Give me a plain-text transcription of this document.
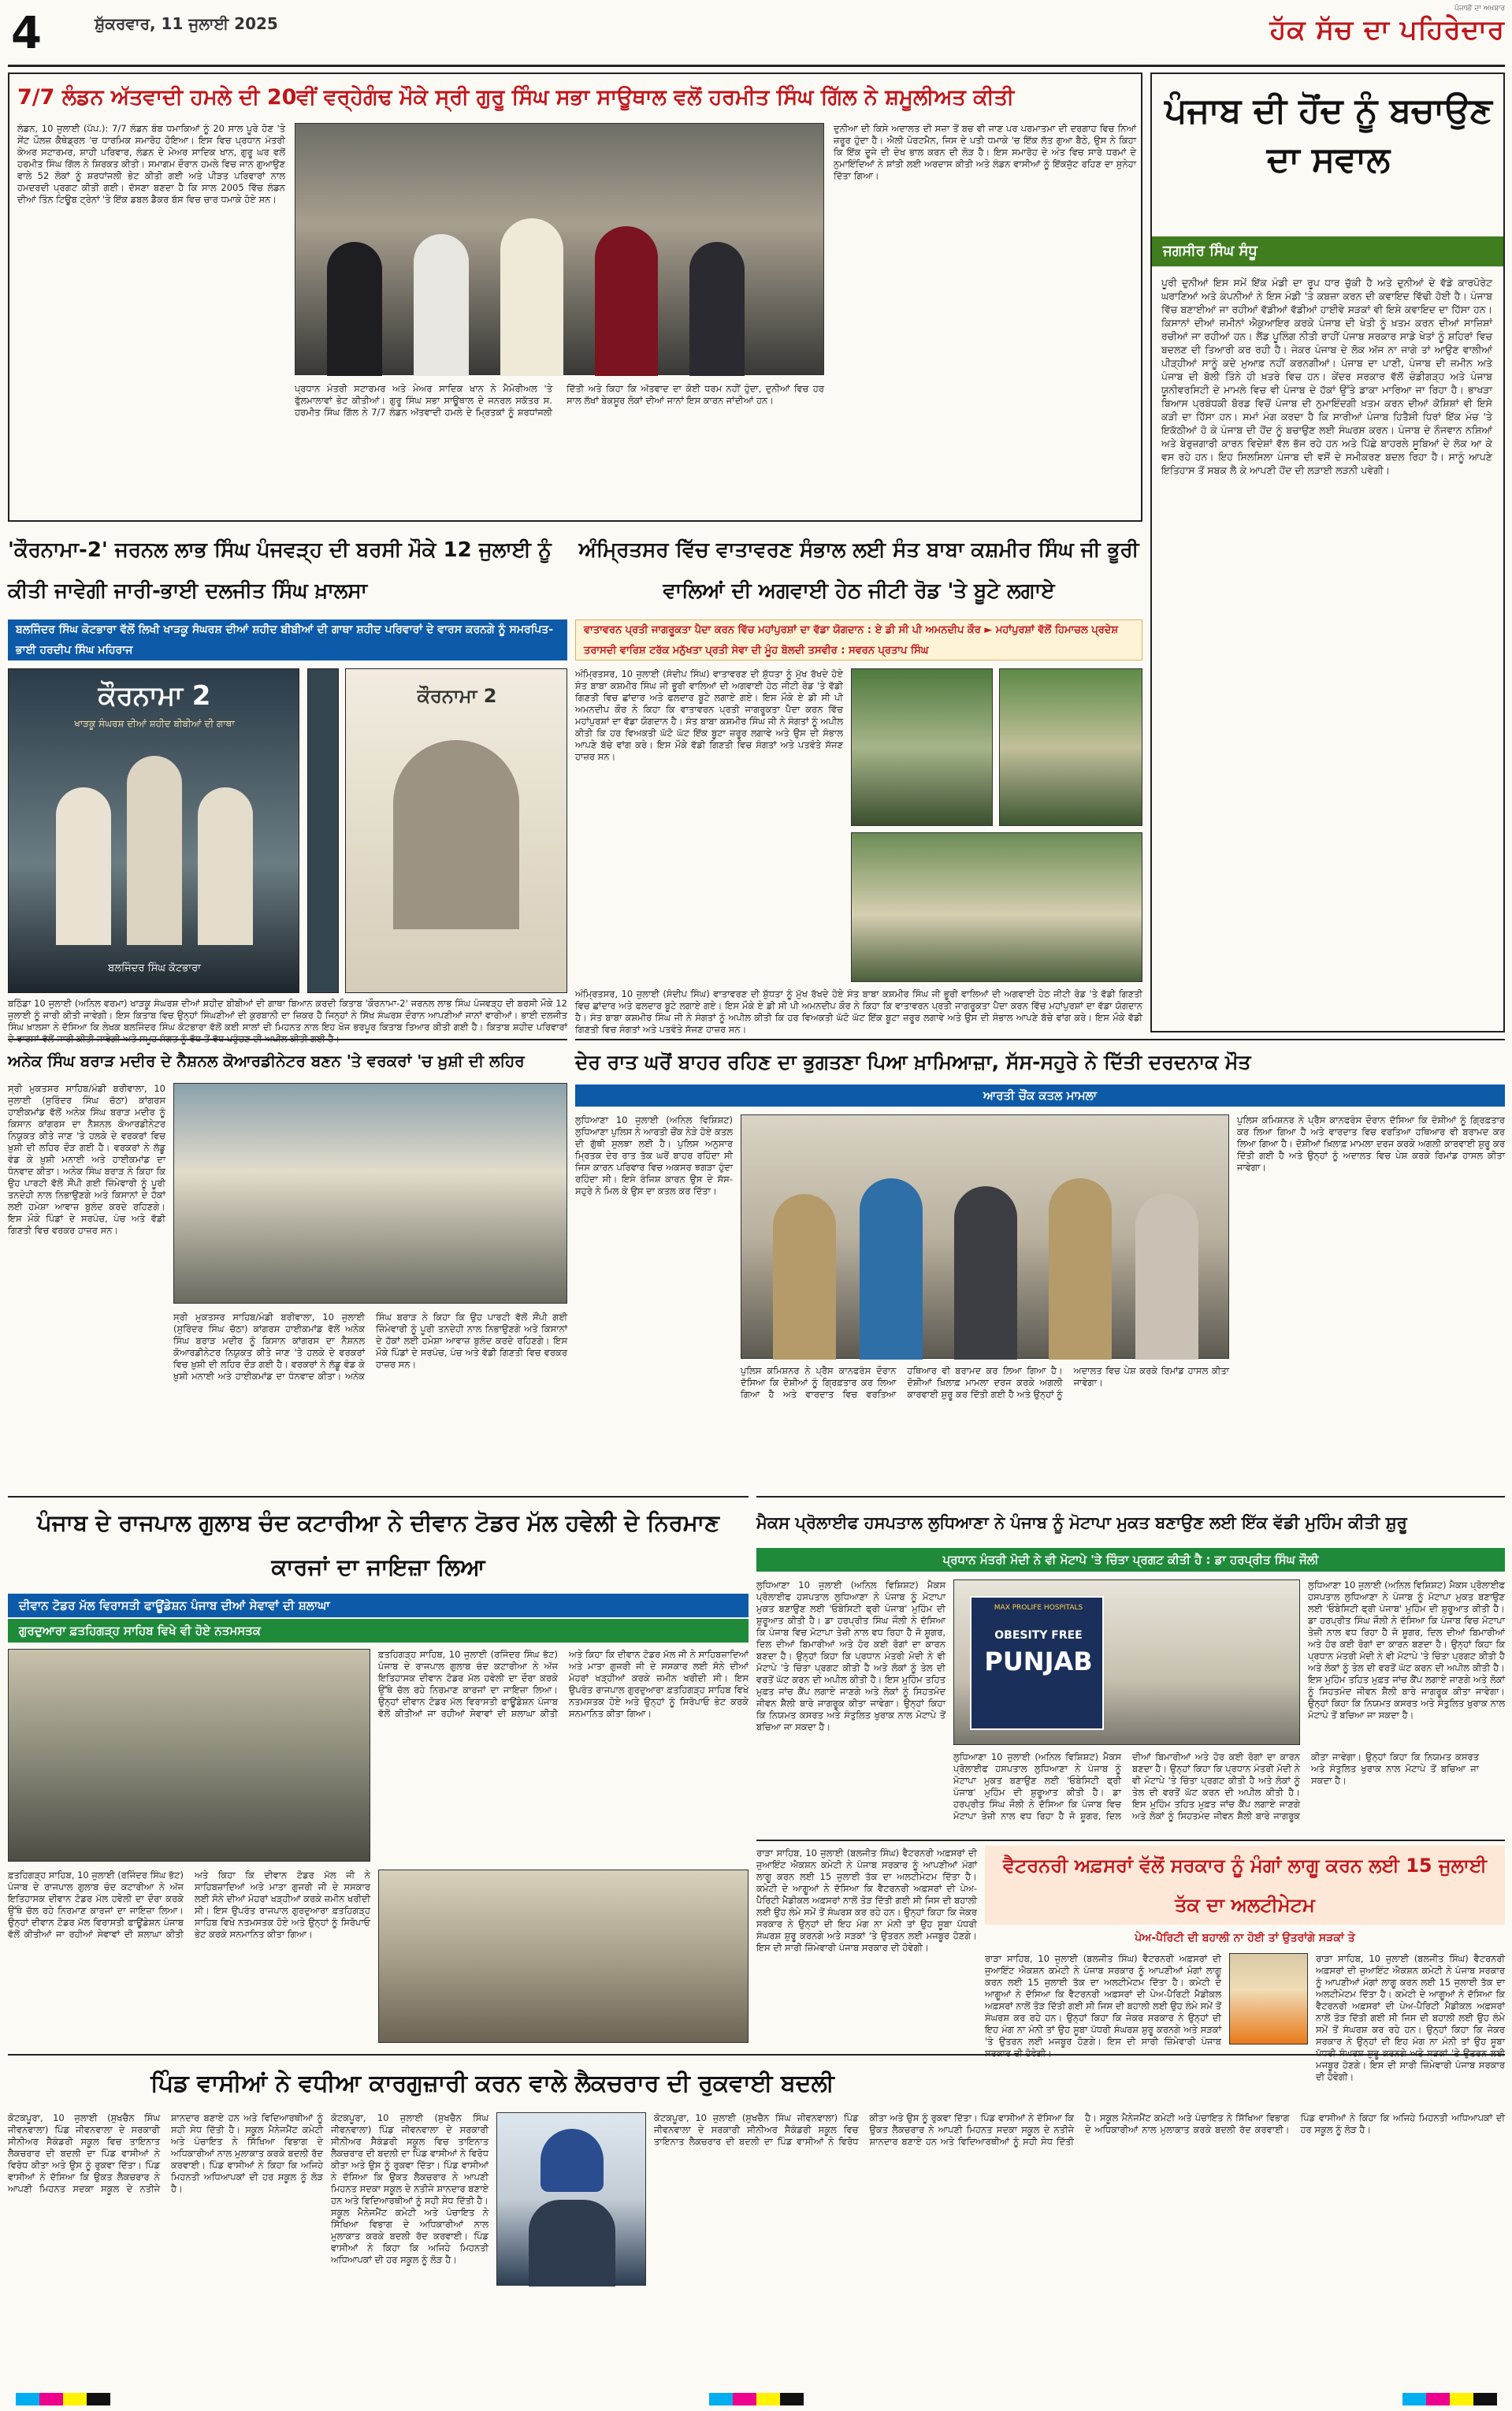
4	ਸ਼ੁੱਕਰਵਾਰ, 11 ਜੁਲਾਈ 2025
ਪੰਜਾਬੀ ਦਾ ਅਖ਼ਬਾਰ
ਹੱਕ ਸੱਚ ਦਾ ਪਹਿਰੇਦਾਰ
7/7 ਲੰਡਨ ਅੱਤਵਾਦੀ ਹਮਲੇ ਦੀ 20ਵੀਂ ਵਰ੍ਹੇਗੰਢ ਮੌਕੇ ਸ੍ਰੀ ਗੁਰੂ ਸਿੰਘ ਸਭਾ ਸਾਊਥਾਲ ਵਲੋਂ ਹਰਮੀਤ ਸਿੰਘ ਗਿੱਲ ਨੇ ਸ਼ਮੂਲੀਅਤ ਕੀਤੀ
ਲੰਡਨ, 10 ਜੁਲਾਈ (ਪੱਪ.): 7/7 ਲੰਡਨ ਬੰਬ ਧਮਾਕਿਆਂ ਨੂੰ 20 ਸਾਲ ਪੂਰੇ ਹੋਣ 'ਤੇ ਸੇਂਟ ਪੌਲਜ਼ ਕੈਥੇਡ੍ਰਲ 'ਚ ਧਾਰਮਿਕ ਸਮਾਰੋਹ ਹੋਇਆ। ਇਸ ਵਿਚ ਪ੍ਰਧਾਨ ਮੰਤਰੀ ਕੇਅਰ ਸਟਾਰਮਰ, ਸ਼ਾਹੀ ਪਰਿਵਾਰ, ਲੰਡਨ ਦੇ ਮੇਅਰ ਸਾਦਿਕ ਖਾਨ, ਗੁਰੂ ਘਰ ਵਲੋਂ ਹਰਮੀਤ ਸਿੰਘ ਗਿੱਲ ਨੇ ਸ਼ਿਰਕਤ ਕੀਤੀ। ਸਮਾਗਮ ਦੌਰਾਨ ਹਮਲੇ ਵਿਚ ਜਾਨ ਗੁਆਉਣ ਵਾਲੇ 52 ਲੋਕਾਂ ਨੂੰ ਸ਼ਰਧਾਂਜਲੀ ਭੇਟ ਕੀਤੀ ਗਈ ਅਤੇ ਪੀੜਤ ਪਰਿਵਾਰਾਂ ਨਾਲ ਹਮਦਰਦੀ ਪ੍ਰਗਟ ਕੀਤੀ ਗਈ। ਦੱਸਣਾ ਬਣਦਾ ਹੈ ਕਿ ਸਾਲ 2005 ਵਿੱਚ ਲੰਡਨ ਦੀਆਂ ਤਿੰਨ ਟਿਊਬ ਟ੍ਰੇਨਾਂ 'ਤੇ ਇੱਕ ਡਬਲ ਡੈਕਰ ਬੱਸ ਵਿਚ ਚਾਰ ਧਮਾਕੇ ਹੋਏ ਸਨ।
ਪ੍ਰਧਾਨ ਮੰਤਰੀ ਸਟਾਰਮਰ ਅਤੇ ਮੇਅਰ ਸਾਦਿਕ ਖਾਨ ਨੇ ਮੈਮੋਰੀਅਲ 'ਤੇ ਫੁੱਲਮਾਲਾਵਾਂ ਭੇਟ ਕੀਤੀਆਂ। ਗੁਰੂ ਸਿੰਘ ਸਭਾ ਸਾਊਥਾਲ ਦੇ ਜਨਰਲ ਸਕੱਤਰ ਸ. ਹਰਮੀਤ ਸਿੰਘ ਗਿੱਲ ਨੇ 7/7 ਲੰਡਨ ਅੱਤਵਾਦੀ ਹਮਲੇ ਦੇ ਮ੍ਰਿਤਕਾਂ ਨੂੰ ਸ਼ਰਧਾਂਜਲੀ ਦਿੱਤੀ ਅਤੇ ਕਿਹਾ ਕਿ ਅੱਤਵਾਦ ਦਾ ਕੋਈ ਧਰਮ ਨਹੀਂ ਹੁੰਦਾ, ਦੁਨੀਆਂ ਵਿਚ ਹਰ ਸਾਲ ਲੱਖਾਂ ਬੇਕਸੂਰ ਲੋਕਾਂ ਦੀਆਂ ਜਾਨਾਂ ਇਸ ਕਾਰਨ ਜਾਂਦੀਆਂ ਹਨ।
ਦੁਨੀਆ ਦੀ ਕਿਸੇ ਅਦਾਲਤ ਦੀ ਸਜ਼ਾ ਤੋਂ ਬਚ ਵੀ ਜਾਣ ਪਰ ਪਰਮਾਤਮਾ ਦੀ ਦਰਗਾਹ ਵਿਚ ਨਿਆਂ ਜ਼ਰੂਰ ਹੁੰਦਾ ਹੈ। ਐਲੀ ਪੋਰਟਮੈਨ, ਜਿਸ ਦੇ ਪਤੀ ਧਮਾਕੇ 'ਚ ਇੱਕ ਲੱਤ ਗੁਆ ਬੈਠੇ, ਉਸ ਨੇ ਕਿਹਾ ਕਿ ਇੱਕ ਦੂਜੇ ਦੀ ਦੇਖ ਭਾਲ ਕਰਨ ਦੀ ਲੋੜ ਹੈ। ਇਸ ਸਮਾਰੋਹ ਦੇ ਅੰਤ ਵਿਚ ਸਾਰੇ ਧਰਮਾਂ ਦੇ ਨੁਮਾਇੰਦਿਆਂ ਨੇ ਸ਼ਾਂਤੀ ਲਈ ਅਰਦਾਸ ਕੀਤੀ ਅਤੇ ਲੰਡਨ ਵਾਸੀਆਂ ਨੂੰ ਇੱਕਜੁੱਟ ਰਹਿਣ ਦਾ ਸੁਨੇਹਾ ਦਿੱਤਾ ਗਿਆ।
ਪੰਜਾਬ ਦੀ ਹੋਂਦ ਨੂੰ ਬਚਾਉਣ ਦਾ ਸਵਾਲ
ਜਗਸੀਰ ਸਿੰਘ ਸੰਧੂ
ਪੂਰੀ ਦੁਨੀਆਂ ਇਸ ਸਮੇਂ ਇੱਕ ਮੰਡੀ ਦਾ ਰੂਪ ਧਾਰ ਚੁੱਕੀ ਹੈ ਅਤੇ ਦੁਨੀਆਂ ਦੇ ਵੱਡੇ ਕਾਰਪੋਰੇਟ ਘਰਾਣਿਆਂ ਅਤੇ ਕੰਪਨੀਆਂ ਨੇ ਇਸ ਮੰਡੀ 'ਤੇ ਕਬਜ਼ਾ ਕਰਨ ਦੀ ਕਵਾਇਦ ਵਿੱਢੀ ਹੋਈ ਹੈ। ਪੰਜਾਬ ਵਿੱਚ ਬਣਾਈਆਂ ਜਾ ਰਹੀਆਂ ਵੱਡੀਆਂ ਵੱਡੀਆਂ ਹਾਈਵੇ ਸੜਕਾਂ ਵੀ ਇਸੇ ਕਵਾਇਦ ਦਾ ਹਿੱਸਾ ਹਨ। ਕਿਸਾਨਾਂ ਦੀਆਂ ਜ਼ਮੀਨਾਂ ਐਕੁਆਇਰ ਕਰਕੇ ਪੰਜਾਬ ਦੀ ਖੇਤੀ ਨੂੰ ਖ਼ਤਮ ਕਰਨ ਦੀਆਂ ਸਾਜ਼ਿਸ਼ਾਂ ਰਚੀਆਂ ਜਾ ਰਹੀਆਂ ਹਨ। ਲੈਂਡ ਪੂਲਿੰਗ ਨੀਤੀ ਰਾਹੀਂ ਪੰਜਾਬ ਸਰਕਾਰ ਸਾਡੇ ਖੇਤਾਂ ਨੂੰ ਸ਼ਹਿਰਾਂ ਵਿਚ ਬਦਲਣ ਦੀ ਤਿਆਰੀ ਕਰ ਰਹੀ ਹੈ। ਜੇਕਰ ਪੰਜਾਬ ਦੇ ਲੋਕ ਅੱਜ ਨਾ ਜਾਗੇ ਤਾਂ ਆਉਣ ਵਾਲੀਆਂ ਪੀੜ੍ਹੀਆਂ ਸਾਨੂੰ ਕਦੇ ਮੁਆਫ਼ ਨਹੀਂ ਕਰਨਗੀਆਂ। ਪੰਜਾਬ ਦਾ ਪਾਣੀ, ਪੰਜਾਬ ਦੀ ਜ਼ਮੀਨ ਅਤੇ ਪੰਜਾਬ ਦੀ ਬੋਲੀ ਤਿੰਨੇ ਹੀ ਖ਼ਤਰੇ ਵਿਚ ਹਨ। ਕੇਂਦਰ ਸਰਕਾਰ ਵੱਲੋਂ ਚੰਡੀਗੜ੍ਹ ਅਤੇ ਪੰਜਾਬ ਯੂਨੀਵਰਸਿਟੀ ਦੇ ਮਾਮਲੇ ਵਿਚ ਵੀ ਪੰਜਾਬ ਦੇ ਹੱਕਾਂ ਉੱਤੇ ਡਾਕਾ ਮਾਰਿਆ ਜਾ ਰਿਹਾ ਹੈ। ਭਾਖੜਾ ਬਿਆਸ ਪ੍ਰਬੰਧਕੀ ਬੋਰਡ ਵਿਚੋਂ ਪੰਜਾਬ ਦੀ ਨੁਮਾਇੰਦਗੀ ਖ਼ਤਮ ਕਰਨ ਦੀਆਂ ਕੋਸ਼ਿਸ਼ਾਂ ਵੀ ਇਸੇ ਕੜੀ ਦਾ ਹਿੱਸਾ ਹਨ। ਸਮਾਂ ਮੰਗ ਕਰਦਾ ਹੈ ਕਿ ਸਾਰੀਆਂ ਪੰਜਾਬ ਹਿਤੈਸ਼ੀ ਧਿਰਾਂ ਇੱਕ ਮੰਚ 'ਤੇ ਇਕੱਠੀਆਂ ਹੋ ਕੇ ਪੰਜਾਬ ਦੀ ਹੋਂਦ ਨੂੰ ਬਚਾਉਣ ਲਈ ਸੰਘਰਸ਼ ਕਰਨ। ਪੰਜਾਬ ਦੇ ਨੌਜਵਾਨ ਨਸ਼ਿਆਂ ਅਤੇ ਬੇਰੁਜ਼ਗਾਰੀ ਕਾਰਨ ਵਿਦੇਸ਼ਾਂ ਵੱਲ ਭੱਜ ਰਹੇ ਹਨ ਅਤੇ ਪਿੱਛੇ ਬਾਹਰਲੇ ਸੂਬਿਆਂ ਦੇ ਲੋਕ ਆ ਕੇ ਵਸ ਰਹੇ ਹਨ। ਇਹ ਸਿਲਸਿਲਾ ਪੰਜਾਬ ਦੀ ਵਸੋਂ ਦੇ ਸਮੀਕਰਣ ਬਦਲ ਰਿਹਾ ਹੈ। ਸਾਨੂੰ ਆਪਣੇ ਇਤਿਹਾਸ ਤੋਂ ਸਬਕ ਲੈ ਕੇ ਆਪਣੀ ਹੋਂਦ ਦੀ ਲੜਾਈ ਲੜਨੀ ਪਵੇਗੀ।
'ਕੌਰਨਾਮਾ-2' ਜਰਨਲ ਲਾਭ ਸਿੰਘ ਪੰਜਵੜ੍ਹ ਦੀ ਬਰਸੀ ਮੌਕੇ 12 ਜੁਲਾਈ ਨੂੰ ਕੀਤੀ ਜਾਵੇਗੀ ਜਾਰੀ-ਭਾਈ ਦਲਜੀਤ ਸਿੰਘ ਖ਼ਾਲਸਾ
ਬਲਜਿੰਦਰ ਸਿੰਘ ਕੋਟਭਾਰਾ ਵੱਲੋਂ ਲਿਖੀ ਖਾੜਕੂ ਸੰਘਰਸ਼ ਦੀਆਂ ਸ਼ਹੀਦ ਬੀਬੀਆਂ ਦੀ ਗਾਥਾ ਸ਼ਹੀਦ ਪਰਿਵਾਰਾਂ ਦੇ ਵਾਰਸ ਕਰਨਗੇ ਨੂੰ ਸਮਰਪਿਤ-ਭਾਈ ਹਰਦੀਪ ਸਿੰਘ ਮਹਿਰਾਜ
ਕੌਰਨਾਮਾ 2
ਖਾੜਕੂ ਸੰਘਰਸ਼ ਦੀਆਂ ਸ਼ਹੀਦ ਬੀਬੀਆਂ ਦੀ ਗਾਥਾ
ਬਲਜਿੰਦਰ ਸਿੰਘ ਕੋਟਭਾਰਾ
ਕੌਰਨਾਮਾ 2
ਬਠਿੰਡਾ 10 ਜੁਲਾਈ (ਅਨਿਲ ਵਰਮਾ) ਖਾੜਕੂ ਸੰਘਰਸ਼ ਦੀਆਂ ਸ਼ਹੀਦ ਬੀਬੀਆਂ ਦੀ ਗਾਥਾ ਬਿਆਨ ਕਰਦੀ ਕਿਤਾਬ 'ਕੌਰਨਾਮਾ-2' ਜਰਨਲ ਲਾਭ ਸਿੰਘ ਪੰਜਵੜ੍ਹ ਦੀ ਬਰਸੀ ਮੌਕੇ 12 ਜੁਲਾਈ ਨੂੰ ਜਾਰੀ ਕੀਤੀ ਜਾਵੇਗੀ। ਇਸ ਕਿਤਾਬ ਵਿਚ ਉਨ੍ਹਾਂ ਸਿੰਘਣੀਆਂ ਦੀ ਕੁਰਬਾਨੀ ਦਾ ਜ਼ਿਕਰ ਹੈ ਜਿਨ੍ਹਾਂ ਨੇ ਸਿੱਖ ਸੰਘਰਸ਼ ਦੌਰਾਨ ਆਪਣੀਆਂ ਜਾਨਾਂ ਵਾਰੀਆਂ। ਭਾਈ ਦਲਜੀਤ ਸਿੰਘ ਖ਼ਾਲਸਾ ਨੇ ਦੱਸਿਆ ਕਿ ਲੇਖਕ ਬਲਜਿੰਦਰ ਸਿੰਘ ਕੋਟਭਾਰਾ ਵੱਲੋਂ ਕਈ ਸਾਲਾਂ ਦੀ ਮਿਹਨਤ ਨਾਲ ਇਹ ਖੋਜ ਭਰਪੂਰ ਕਿਤਾਬ ਤਿਆਰ ਕੀਤੀ ਗਈ ਹੈ। ਕਿਤਾਬ ਸ਼ਹੀਦ ਪਰਿਵਾਰਾਂ ਦੇ ਵਾਰਸਾਂ ਵੱਲੋਂ ਜਾਰੀ ਕੀਤੀ ਜਾਵੇਗੀ ਅਤੇ ਸਮੂਹ ਸੰਗਤ ਨੂੰ ਵੱਧ ਤੋਂ ਵੱਧ ਪਹੁੰਚਣ ਦੀ ਅਪੀਲ ਕੀਤੀ ਗਈ ਹੈ।
ਅੰਮ੍ਰਿਤਸਰ ਵਿੱਚ ਵਾਤਾਵਰਣ ਸੰਭਾਲ ਲਈ ਸੰਤ ਬਾਬਾ ਕਸ਼ਮੀਰ ਸਿੰਘ ਜੀ ਭੂਰੀ ਵਾਲਿਆਂ ਦੀ ਅਗਵਾਈ ਹੇਠ ਜੀਟੀ ਰੋਡ 'ਤੇ ਬੂਟੇ ਲਗਾਏ
ਵਾਤਾਵਰਨ ਪ੍ਰਤੀ ਜਾਗਰੂਕਤਾ ਪੈਦਾ ਕਰਨ ਵਿੱਚ ਮਹਾਂਪੁਰਸ਼ਾਂ ਦਾ ਵੱਡਾ ਯੋਗਦਾਨ : ਏ ਡੀ ਸੀ ਪੀ ਅਮਨਦੀਪ ਕੌਰ ► ਮਹਾਂਪੁਰਸ਼ਾਂ ਵੱਲੋਂ ਹਿਮਾਚਲ ਪ੍ਰਦੇਸ਼ ਤਰਾਸਦੀ ਵਾਰਿਸ਼ ਟਰੱਕ ਮਨੁੱਖਤਾ ਪ੍ਰਤੀ ਸੇਵਾ ਦੀ ਮੂੰਹ ਬੋਲਦੀ ਤਸਵੀਰ : ਸਵਰਨ ਪ੍ਰਤਾਪ ਸਿੰਘ
ਅੰਮ੍ਰਿਤਸਰ, 10 ਜੁਲਾਈ (ਸੰਦੀਪ ਸਿੰਘ) ਵਾਤਾਵਰਣ ਦੀ ਸ਼ੁੱਧਤਾ ਨੂੰ ਮੁੱਖ ਰੱਖਦੇ ਹੋਏ ਸੰਤ ਬਾਬਾ ਕਸ਼ਮੀਰ ਸਿੰਘ ਜੀ ਭੂਰੀ ਵਾਲਿਆਂ ਦੀ ਅਗਵਾਈ ਹੇਠ ਜੀਟੀ ਰੋਡ 'ਤੇ ਵੱਡੀ ਗਿਣਤੀ ਵਿਚ ਛਾਂਦਾਰ ਅਤੇ ਫਲਦਾਰ ਬੂਟੇ ਲਗਾਏ ਗਏ। ਇਸ ਮੌਕੇ ਏ ਡੀ ਸੀ ਪੀ ਅਮਨਦੀਪ ਕੌਰ ਨੇ ਕਿਹਾ ਕਿ ਵਾਤਾਵਰਨ ਪ੍ਰਤੀ ਜਾਗਰੂਕਤਾ ਪੈਦਾ ਕਰਨ ਵਿੱਚ ਮਹਾਂਪੁਰਸ਼ਾਂ ਦਾ ਵੱਡਾ ਯੋਗਦਾਨ ਹੈ। ਸੰਤ ਬਾਬਾ ਕਸ਼ਮੀਰ ਸਿੰਘ ਜੀ ਨੇ ਸੰਗਤਾਂ ਨੂੰ ਅਪੀਲ ਕੀਤੀ ਕਿ ਹਰ ਵਿਅਕਤੀ ਘੱਟੋ ਘੱਟ ਇੱਕ ਬੂਟਾ ਜ਼ਰੂਰ ਲਗਾਵੇ ਅਤੇ ਉਸ ਦੀ ਸੰਭਾਲ ਆਪਣੇ ਬੱਚੇ ਵਾਂਗ ਕਰੇ। ਇਸ ਮੌਕੇ ਵੱਡੀ ਗਿਣਤੀ ਵਿਚ ਸੰਗਤਾਂ ਅਤੇ ਪਤਵੰਤੇ ਸੱਜਣ ਹਾਜ਼ਰ ਸਨ।
ਅੰਮ੍ਰਿਤਸਰ, 10 ਜੁਲਾਈ (ਸੰਦੀਪ ਸਿੰਘ) ਵਾਤਾਵਰਣ ਦੀ ਸ਼ੁੱਧਤਾ ਨੂੰ ਮੁੱਖ ਰੱਖਦੇ ਹੋਏ ਸੰਤ ਬਾਬਾ ਕਸ਼ਮੀਰ ਸਿੰਘ ਜੀ ਭੂਰੀ ਵਾਲਿਆਂ ਦੀ ਅਗਵਾਈ ਹੇਠ ਜੀਟੀ ਰੋਡ 'ਤੇ ਵੱਡੀ ਗਿਣਤੀ ਵਿਚ ਛਾਂਦਾਰ ਅਤੇ ਫਲਦਾਰ ਬੂਟੇ ਲਗਾਏ ਗਏ। ਇਸ ਮੌਕੇ ਏ ਡੀ ਸੀ ਪੀ ਅਮਨਦੀਪ ਕੌਰ ਨੇ ਕਿਹਾ ਕਿ ਵਾਤਾਵਰਨ ਪ੍ਰਤੀ ਜਾਗਰੂਕਤਾ ਪੈਦਾ ਕਰਨ ਵਿੱਚ ਮਹਾਂਪੁਰਸ਼ਾਂ ਦਾ ਵੱਡਾ ਯੋਗਦਾਨ ਹੈ। ਸੰਤ ਬਾਬਾ ਕਸ਼ਮੀਰ ਸਿੰਘ ਜੀ ਨੇ ਸੰਗਤਾਂ ਨੂੰ ਅਪੀਲ ਕੀਤੀ ਕਿ ਹਰ ਵਿਅਕਤੀ ਘੱਟੋ ਘੱਟ ਇੱਕ ਬੂਟਾ ਜ਼ਰੂਰ ਲਗਾਵੇ ਅਤੇ ਉਸ ਦੀ ਸੰਭਾਲ ਆਪਣੇ ਬੱਚੇ ਵਾਂਗ ਕਰੇ। ਇਸ ਮੌਕੇ ਵੱਡੀ ਗਿਣਤੀ ਵਿਚ ਸੰਗਤਾਂ ਅਤੇ ਪਤਵੰਤੇ ਸੱਜਣ ਹਾਜ਼ਰ ਸਨ।
ਅਨੇਕ ਸਿੰਘ ਬਰਾੜ ਮਦੀਰ ਦੇ ਨੈਸ਼ਨਲ ਕੋਆਰਡੀਨੇਟਰ ਬਣਨ 'ਤੇ ਵਰਕਰਾਂ 'ਚ ਖ਼ੁਸ਼ੀ ਦੀ ਲਹਿਰ
ਸ੍ਰੀ ਮੁਕਤਸਰ ਸਾਹਿਬ/ਮੰਡੀ ਬਰੀਵਾਲਾ, 10 ਜੁਲਾਈ (ਸੁਰਿੰਦਰ ਸਿੰਘ ਚੱਠਾ) ਕਾਂਗਰਸ ਹਾਈਕਮਾਂਡ ਵੱਲੋਂ ਅਨੇਕ ਸਿੰਘ ਬਰਾੜ ਮਦੀਰ ਨੂੰ ਕਿਸਾਨ ਕਾਂਗਰਸ ਦਾ ਨੈਸ਼ਨਲ ਕੋਆਰਡੀਨੇਟਰ ਨਿਯੁਕਤ ਕੀਤੇ ਜਾਣ 'ਤੇ ਹਲਕੇ ਦੇ ਵਰਕਰਾਂ ਵਿਚ ਖ਼ੁਸ਼ੀ ਦੀ ਲਹਿਰ ਦੌੜ ਗਈ ਹੈ। ਵਰਕਰਾਂ ਨੇ ਲੱਡੂ ਵੰਡ ਕੇ ਖ਼ੁਸ਼ੀ ਮਨਾਈ ਅਤੇ ਹਾਈਕਮਾਂਡ ਦਾ ਧੰਨਵਾਦ ਕੀਤਾ। ਅਨੇਕ ਸਿੰਘ ਬਰਾੜ ਨੇ ਕਿਹਾ ਕਿ ਉਹ ਪਾਰਟੀ ਵੱਲੋਂ ਸੌਂਪੀ ਗਈ ਜ਼ਿੰਮੇਵਾਰੀ ਨੂੰ ਪੂਰੀ ਤਨਦੇਹੀ ਨਾਲ ਨਿਭਾਉਣਗੇ ਅਤੇ ਕਿਸਾਨਾਂ ਦੇ ਹੱਕਾਂ ਲਈ ਹਮੇਸ਼ਾ ਆਵਾਜ਼ ਬੁਲੰਦ ਕਰਦੇ ਰਹਿਣਗੇ। ਇਸ ਮੌਕੇ ਪਿੰਡਾਂ ਦੇ ਸਰਪੰਚ, ਪੰਚ ਅਤੇ ਵੱਡੀ ਗਿਣਤੀ ਵਿਚ ਵਰਕਰ ਹਾਜ਼ਰ ਸਨ।
ਸ੍ਰੀ ਮੁਕਤਸਰ ਸਾਹਿਬ/ਮੰਡੀ ਬਰੀਵਾਲਾ, 10 ਜੁਲਾਈ (ਸੁਰਿੰਦਰ ਸਿੰਘ ਚੱਠਾ) ਕਾਂਗਰਸ ਹਾਈਕਮਾਂਡ ਵੱਲੋਂ ਅਨੇਕ ਸਿੰਘ ਬਰਾੜ ਮਦੀਰ ਨੂੰ ਕਿਸਾਨ ਕਾਂਗਰਸ ਦਾ ਨੈਸ਼ਨਲ ਕੋਆਰਡੀਨੇਟਰ ਨਿਯੁਕਤ ਕੀਤੇ ਜਾਣ 'ਤੇ ਹਲਕੇ ਦੇ ਵਰਕਰਾਂ ਵਿਚ ਖ਼ੁਸ਼ੀ ਦੀ ਲਹਿਰ ਦੌੜ ਗਈ ਹੈ। ਵਰਕਰਾਂ ਨੇ ਲੱਡੂ ਵੰਡ ਕੇ ਖ਼ੁਸ਼ੀ ਮਨਾਈ ਅਤੇ ਹਾਈਕਮਾਂਡ ਦਾ ਧੰਨਵਾਦ ਕੀਤਾ। ਅਨੇਕ ਸਿੰਘ ਬਰਾੜ ਨੇ ਕਿਹਾ ਕਿ ਉਹ ਪਾਰਟੀ ਵੱਲੋਂ ਸੌਂਪੀ ਗਈ ਜ਼ਿੰਮੇਵਾਰੀ ਨੂੰ ਪੂਰੀ ਤਨਦੇਹੀ ਨਾਲ ਨਿਭਾਉਣਗੇ ਅਤੇ ਕਿਸਾਨਾਂ ਦੇ ਹੱਕਾਂ ਲਈ ਹਮੇਸ਼ਾ ਆਵਾਜ਼ ਬੁਲੰਦ ਕਰਦੇ ਰਹਿਣਗੇ। ਇਸ ਮੌਕੇ ਪਿੰਡਾਂ ਦੇ ਸਰਪੰਚ, ਪੰਚ ਅਤੇ ਵੱਡੀ ਗਿਣਤੀ ਵਿਚ ਵਰਕਰ ਹਾਜ਼ਰ ਸਨ।
ਦੇਰ ਰਾਤ ਘਰੋਂ ਬਾਹਰ ਰਹਿਣ ਦਾ ਭੁਗਤਣਾ ਪਿਆ ਖ਼ਾਮਿਆਜ਼ਾ, ਸੱਸ-ਸਹੁਰੇ ਨੇ ਦਿੱਤੀ ਦਰਦਨਾਕ ਮੌਤ
ਆਰਤੀ ਚੌਂਕ ਕਤਲ ਮਾਮਲਾ
ਲੁਧਿਆਣਾ 10 ਜੁਲਾਈ (ਅਨਿਲ ਵਿਸ਼ਿਸ਼ਟ) ਲੁਧਿਆਣਾ ਪੁਲਿਸ ਨੇ ਆਰਤੀ ਚੌਂਕ ਨੇੜੇ ਹੋਏ ਕਤਲ ਦੀ ਗੁੱਥੀ ਸੁਲਝਾ ਲਈ ਹੈ। ਪੁਲਿਸ ਅਨੁਸਾਰ ਮ੍ਰਿਤਕ ਦੇਰ ਰਾਤ ਤੱਕ ਘਰੋਂ ਬਾਹਰ ਰਹਿੰਦਾ ਸੀ ਜਿਸ ਕਾਰਨ ਪਰਿਵਾਰ ਵਿਚ ਅਕਸਰ ਝਗੜਾ ਹੁੰਦਾ ਰਹਿੰਦਾ ਸੀ। ਇਸੇ ਰੰਜਿਸ਼ ਕਾਰਨ ਉਸ ਦੇ ਸੱਸ-ਸਹੁਰੇ ਨੇ ਮਿਲ ਕੇ ਉਸ ਦਾ ਕਤਲ ਕਰ ਦਿੱਤਾ।
ਪੁਲਿਸ ਕਮਿਸ਼ਨਰ ਨੇ ਪ੍ਰੈਸ ਕਾਨਫਰੰਸ ਦੌਰਾਨ ਦੱਸਿਆ ਕਿ ਦੋਸ਼ੀਆਂ ਨੂੰ ਗ੍ਰਿਫ਼ਤਾਰ ਕਰ ਲਿਆ ਗਿਆ ਹੈ ਅਤੇ ਵਾਰਦਾਤ ਵਿਚ ਵਰਤਿਆ ਹਥਿਆਰ ਵੀ ਬਰਾਮਦ ਕਰ ਲਿਆ ਗਿਆ ਹੈ। ਦੋਸ਼ੀਆਂ ਖ਼ਿਲਾਫ਼ ਮਾਮਲਾ ਦਰਜ ਕਰਕੇ ਅਗਲੀ ਕਾਰਵਾਈ ਸ਼ੁਰੂ ਕਰ ਦਿੱਤੀ ਗਈ ਹੈ ਅਤੇ ਉਨ੍ਹਾਂ ਨੂੰ ਅਦਾਲਤ ਵਿਚ ਪੇਸ਼ ਕਰਕੇ ਰਿਮਾਂਡ ਹਾਸਲ ਕੀਤਾ ਜਾਵੇਗਾ।
ਪੁਲਿਸ ਕਮਿਸ਼ਨਰ ਨੇ ਪ੍ਰੈਸ ਕਾਨਫਰੰਸ ਦੌਰਾਨ ਦੱਸਿਆ ਕਿ ਦੋਸ਼ੀਆਂ ਨੂੰ ਗ੍ਰਿਫ਼ਤਾਰ ਕਰ ਲਿਆ ਗਿਆ ਹੈ ਅਤੇ ਵਾਰਦਾਤ ਵਿਚ ਵਰਤਿਆ ਹਥਿਆਰ ਵੀ ਬਰਾਮਦ ਕਰ ਲਿਆ ਗਿਆ ਹੈ। ਦੋਸ਼ੀਆਂ ਖ਼ਿਲਾਫ਼ ਮਾਮਲਾ ਦਰਜ ਕਰਕੇ ਅਗਲੀ ਕਾਰਵਾਈ ਸ਼ੁਰੂ ਕਰ ਦਿੱਤੀ ਗਈ ਹੈ ਅਤੇ ਉਨ੍ਹਾਂ ਨੂੰ ਅਦਾਲਤ ਵਿਚ ਪੇਸ਼ ਕਰਕੇ ਰਿਮਾਂਡ ਹਾਸਲ ਕੀਤਾ ਜਾਵੇਗਾ।
ਪੰਜਾਬ ਦੇ ਰਾਜਪਾਲ ਗੁਲਾਬ ਚੰਦ ਕਟਾਰੀਆ ਨੇ ਦੀਵਾਨ ਟੋਡਰ ਮੱਲ ਹਵੇਲੀ ਦੇ ਨਿਰਮਾਣ ਕਾਰਜਾਂ ਦਾ ਜਾਇਜ਼ਾ ਲਿਆ
ਦੀਵਾਨ ਟੋਡਰ ਮੱਲ ਵਿਰਾਸਤੀ ਫਾਊਂਡੇਸ਼ਨ ਪੰਜਾਬ ਦੀਆਂ ਸੇਵਾਵਾਂ ਦੀ ਸ਼ਲਾਘਾ
ਗੁਰਦੁਆਰਾ ਫ਼ਤਹਿਗੜ੍ਹ ਸਾਹਿਬ ਵਿਖੇ ਵੀ ਹੋਏ ਨਤਮਸਤਕ
ਫ਼ਤਹਿਗੜ੍ਹ ਸਾਹਿਬ, 10 ਜੁਲਾਈ (ਰਜਿੰਦਰ ਸਿੰਘ ਭੱਟ) ਪੰਜਾਬ ਦੇ ਰਾਜਪਾਲ ਗੁਲਾਬ ਚੰਦ ਕਟਾਰੀਆ ਨੇ ਅੱਜ ਇਤਿਹਾਸਕ ਦੀਵਾਨ ਟੋਡਰ ਮੱਲ ਹਵੇਲੀ ਦਾ ਦੌਰਾ ਕਰਕੇ ਉੱਥੇ ਚੱਲ ਰਹੇ ਨਿਰਮਾਣ ਕਾਰਜਾਂ ਦਾ ਜਾਇਜ਼ਾ ਲਿਆ। ਉਨ੍ਹਾਂ ਦੀਵਾਨ ਟੋਡਰ ਮੱਲ ਵਿਰਾਸਤੀ ਫਾਊਂਡੇਸ਼ਨ ਪੰਜਾਬ ਵੱਲੋਂ ਕੀਤੀਆਂ ਜਾ ਰਹੀਆਂ ਸੇਵਾਵਾਂ ਦੀ ਸ਼ਲਾਘਾ ਕੀਤੀ ਅਤੇ ਕਿਹਾ ਕਿ ਦੀਵਾਨ ਟੋਡਰ ਮੱਲ ਜੀ ਨੇ ਸਾਹਿਬਜ਼ਾਦਿਆਂ ਅਤੇ ਮਾਤਾ ਗੁਜਰੀ ਜੀ ਦੇ ਸਸਕਾਰ ਲਈ ਸੋਨੇ ਦੀਆਂ ਮੋਹਰਾਂ ਖੜ੍ਹੀਆਂ ਕਰਕੇ ਜ਼ਮੀਨ ਖਰੀਦੀ ਸੀ। ਇਸ ਉਪਰੰਤ ਰਾਜਪਾਲ ਗੁਰਦੁਆਰਾ ਫ਼ਤਹਿਗੜ੍ਹ ਸਾਹਿਬ ਵਿਖੇ ਨਤਮਸਤਕ ਹੋਏ ਅਤੇ ਉਨ੍ਹਾਂ ਨੂੰ ਸਿਰੋਪਾਓ ਭੇਟ ਕਰਕੇ ਸਨਮਾਨਿਤ ਕੀਤਾ ਗਿਆ।
ਫ਼ਤਹਿਗੜ੍ਹ ਸਾਹਿਬ, 10 ਜੁਲਾਈ (ਰਜਿੰਦਰ ਸਿੰਘ ਭੱਟ) ਪੰਜਾਬ ਦੇ ਰਾਜਪਾਲ ਗੁਲਾਬ ਚੰਦ ਕਟਾਰੀਆ ਨੇ ਅੱਜ ਇਤਿਹਾਸਕ ਦੀਵਾਨ ਟੋਡਰ ਮੱਲ ਹਵੇਲੀ ਦਾ ਦੌਰਾ ਕਰਕੇ ਉੱਥੇ ਚੱਲ ਰਹੇ ਨਿਰਮਾਣ ਕਾਰਜਾਂ ਦਾ ਜਾਇਜ਼ਾ ਲਿਆ। ਉਨ੍ਹਾਂ ਦੀਵਾਨ ਟੋਡਰ ਮੱਲ ਵਿਰਾਸਤੀ ਫਾਊਂਡੇਸ਼ਨ ਪੰਜਾਬ ਵੱਲੋਂ ਕੀਤੀਆਂ ਜਾ ਰਹੀਆਂ ਸੇਵਾਵਾਂ ਦੀ ਸ਼ਲਾਘਾ ਕੀਤੀ ਅਤੇ ਕਿਹਾ ਕਿ ਦੀਵਾਨ ਟੋਡਰ ਮੱਲ ਜੀ ਨੇ ਸਾਹਿਬਜ਼ਾਦਿਆਂ ਅਤੇ ਮਾਤਾ ਗੁਜਰੀ ਜੀ ਦੇ ਸਸਕਾਰ ਲਈ ਸੋਨੇ ਦੀਆਂ ਮੋਹਰਾਂ ਖੜ੍ਹੀਆਂ ਕਰਕੇ ਜ਼ਮੀਨ ਖਰੀਦੀ ਸੀ। ਇਸ ਉਪਰੰਤ ਰਾਜਪਾਲ ਗੁਰਦੁਆਰਾ ਫ਼ਤਹਿਗੜ੍ਹ ਸਾਹਿਬ ਵਿਖੇ ਨਤਮਸਤਕ ਹੋਏ ਅਤੇ ਉਨ੍ਹਾਂ ਨੂੰ ਸਿਰੋਪਾਓ ਭੇਟ ਕਰਕੇ ਸਨਮਾਨਿਤ ਕੀਤਾ ਗਿਆ।
ਮੈਕਸ ਪ੍ਰੋਲਾਈਫ ਹਸਪਤਾਲ ਲੁਧਿਆਣਾ ਨੇ ਪੰਜਾਬ ਨੂੰ ਮੋਟਾਪਾ ਮੁਕਤ ਬਣਾਉਣ ਲਈ ਇੱਕ ਵੱਡੀ ਮੁਹਿੰਮ ਕੀਤੀ ਸ਼ੁਰੂ
ਪ੍ਰਧਾਨ ਮੰਤਰੀ ਮੋਦੀ ਨੇ ਵੀ ਮੋਟਾਪੇ 'ਤੇ ਚਿੰਤਾ ਪ੍ਰਗਟ ਕੀਤੀ ਹੈ : ਡਾ ਹਰਪ੍ਰੀਤ ਸਿੰਘ ਜੌਲੀ
ਲੁਧਿਆਣਾ 10 ਜੁਲਾਈ (ਅਨਿਲ ਵਿਸ਼ਿਸ਼ਟ) ਮੈਕਸ ਪ੍ਰੋਲਾਈਫ ਹਸਪਤਾਲ ਲੁਧਿਆਣਾ ਨੇ ਪੰਜਾਬ ਨੂੰ ਮੋਟਾਪਾ ਮੁਕਤ ਬਣਾਉਣ ਲਈ 'ਓਬੇਸਿਟੀ ਫ੍ਰੀ ਪੰਜਾਬ' ਮੁਹਿੰਮ ਦੀ ਸ਼ੁਰੂਆਤ ਕੀਤੀ ਹੈ। ਡਾ ਹਰਪ੍ਰੀਤ ਸਿੰਘ ਜੌਲੀ ਨੇ ਦੱਸਿਆ ਕਿ ਪੰਜਾਬ ਵਿਚ ਮੋਟਾਪਾ ਤੇਜ਼ੀ ਨਾਲ ਵਧ ਰਿਹਾ ਹੈ ਜੋ ਸ਼ੂਗਰ, ਦਿਲ ਦੀਆਂ ਬਿਮਾਰੀਆਂ ਅਤੇ ਹੋਰ ਕਈ ਰੋਗਾਂ ਦਾ ਕਾਰਨ ਬਣਦਾ ਹੈ। ਉਨ੍ਹਾਂ ਕਿਹਾ ਕਿ ਪ੍ਰਧਾਨ ਮੰਤਰੀ ਮੋਦੀ ਨੇ ਵੀ ਮੋਟਾਪੇ 'ਤੇ ਚਿੰਤਾ ਪ੍ਰਗਟ ਕੀਤੀ ਹੈ ਅਤੇ ਲੋਕਾਂ ਨੂੰ ਤੇਲ ਦੀ ਵਰਤੋਂ ਘੱਟ ਕਰਨ ਦੀ ਅਪੀਲ ਕੀਤੀ ਹੈ। ਇਸ ਮੁਹਿੰਮ ਤਹਿਤ ਮੁਫ਼ਤ ਜਾਂਚ ਕੈਂਪ ਲਗਾਏ ਜਾਣਗੇ ਅਤੇ ਲੋਕਾਂ ਨੂੰ ਸਿਹਤਮੰਦ ਜੀਵਨ ਸ਼ੈਲੀ ਬਾਰੇ ਜਾਗਰੂਕ ਕੀਤਾ ਜਾਵੇਗਾ। ਉਨ੍ਹਾਂ ਕਿਹਾ ਕਿ ਨਿਯਮਤ ਕਸਰਤ ਅਤੇ ਸੰਤੁਲਿਤ ਖੁਰਾਕ ਨਾਲ ਮੋਟਾਪੇ ਤੋਂ ਬਚਿਆ ਜਾ ਸਕਦਾ ਹੈ।
MAX PROLIFE HOSPITALS
OBESITY FREE
PUNJAB
ਲੁਧਿਆਣਾ 10 ਜੁਲਾਈ (ਅਨਿਲ ਵਿਸ਼ਿਸ਼ਟ) ਮੈਕਸ ਪ੍ਰੋਲਾਈਫ ਹਸਪਤਾਲ ਲੁਧਿਆਣਾ ਨੇ ਪੰਜਾਬ ਨੂੰ ਮੋਟਾਪਾ ਮੁਕਤ ਬਣਾਉਣ ਲਈ 'ਓਬੇਸਿਟੀ ਫ੍ਰੀ ਪੰਜਾਬ' ਮੁਹਿੰਮ ਦੀ ਸ਼ੁਰੂਆਤ ਕੀਤੀ ਹੈ। ਡਾ ਹਰਪ੍ਰੀਤ ਸਿੰਘ ਜੌਲੀ ਨੇ ਦੱਸਿਆ ਕਿ ਪੰਜਾਬ ਵਿਚ ਮੋਟਾਪਾ ਤੇਜ਼ੀ ਨਾਲ ਵਧ ਰਿਹਾ ਹੈ ਜੋ ਸ਼ੂਗਰ, ਦਿਲ ਦੀਆਂ ਬਿਮਾਰੀਆਂ ਅਤੇ ਹੋਰ ਕਈ ਰੋਗਾਂ ਦਾ ਕਾਰਨ ਬਣਦਾ ਹੈ। ਉਨ੍ਹਾਂ ਕਿਹਾ ਕਿ ਪ੍ਰਧਾਨ ਮੰਤਰੀ ਮੋਦੀ ਨੇ ਵੀ ਮੋਟਾਪੇ 'ਤੇ ਚਿੰਤਾ ਪ੍ਰਗਟ ਕੀਤੀ ਹੈ ਅਤੇ ਲੋਕਾਂ ਨੂੰ ਤੇਲ ਦੀ ਵਰਤੋਂ ਘੱਟ ਕਰਨ ਦੀ ਅਪੀਲ ਕੀਤੀ ਹੈ। ਇਸ ਮੁਹਿੰਮ ਤਹਿਤ ਮੁਫ਼ਤ ਜਾਂਚ ਕੈਂਪ ਲਗਾਏ ਜਾਣਗੇ ਅਤੇ ਲੋਕਾਂ ਨੂੰ ਸਿਹਤਮੰਦ ਜੀਵਨ ਸ਼ੈਲੀ ਬਾਰੇ ਜਾਗਰੂਕ ਕੀਤਾ ਜਾਵੇਗਾ। ਉਨ੍ਹਾਂ ਕਿਹਾ ਕਿ ਨਿਯਮਤ ਕਸਰਤ ਅਤੇ ਸੰਤੁਲਿਤ ਖੁਰਾਕ ਨਾਲ ਮੋਟਾਪੇ ਤੋਂ ਬਚਿਆ ਜਾ ਸਕਦਾ ਹੈ।
ਲੁਧਿਆਣਾ 10 ਜੁਲਾਈ (ਅਨਿਲ ਵਿਸ਼ਿਸ਼ਟ) ਮੈਕਸ ਪ੍ਰੋਲਾਈਫ ਹਸਪਤਾਲ ਲੁਧਿਆਣਾ ਨੇ ਪੰਜਾਬ ਨੂੰ ਮੋਟਾਪਾ ਮੁਕਤ ਬਣਾਉਣ ਲਈ 'ਓਬੇਸਿਟੀ ਫ੍ਰੀ ਪੰਜਾਬ' ਮੁਹਿੰਮ ਦੀ ਸ਼ੁਰੂਆਤ ਕੀਤੀ ਹੈ। ਡਾ ਹਰਪ੍ਰੀਤ ਸਿੰਘ ਜੌਲੀ ਨੇ ਦੱਸਿਆ ਕਿ ਪੰਜਾਬ ਵਿਚ ਮੋਟਾਪਾ ਤੇਜ਼ੀ ਨਾਲ ਵਧ ਰਿਹਾ ਹੈ ਜੋ ਸ਼ੂਗਰ, ਦਿਲ ਦੀਆਂ ਬਿਮਾਰੀਆਂ ਅਤੇ ਹੋਰ ਕਈ ਰੋਗਾਂ ਦਾ ਕਾਰਨ ਬਣਦਾ ਹੈ। ਉਨ੍ਹਾਂ ਕਿਹਾ ਕਿ ਪ੍ਰਧਾਨ ਮੰਤਰੀ ਮੋਦੀ ਨੇ ਵੀ ਮੋਟਾਪੇ 'ਤੇ ਚਿੰਤਾ ਪ੍ਰਗਟ ਕੀਤੀ ਹੈ ਅਤੇ ਲੋਕਾਂ ਨੂੰ ਤੇਲ ਦੀ ਵਰਤੋਂ ਘੱਟ ਕਰਨ ਦੀ ਅਪੀਲ ਕੀਤੀ ਹੈ। ਇਸ ਮੁਹਿੰਮ ਤਹਿਤ ਮੁਫ਼ਤ ਜਾਂਚ ਕੈਂਪ ਲਗਾਏ ਜਾਣਗੇ ਅਤੇ ਲੋਕਾਂ ਨੂੰ ਸਿਹਤਮੰਦ ਜੀਵਨ ਸ਼ੈਲੀ ਬਾਰੇ ਜਾਗਰੂਕ ਕੀਤਾ ਜਾਵੇਗਾ। ਉਨ੍ਹਾਂ ਕਿਹਾ ਕਿ ਨਿਯਮਤ ਕਸਰਤ ਅਤੇ ਸੰਤੁਲਿਤ ਖੁਰਾਕ ਨਾਲ ਮੋਟਾਪੇ ਤੋਂ ਬਚਿਆ ਜਾ ਸਕਦਾ ਹੈ।
ਵੈਟਰਨਰੀ ਅਫ਼ਸਰਾਂ ਵੱਲੋਂ ਸਰਕਾਰ ਨੂੰ ਮੰਗਾਂ ਲਾਗੂ ਕਰਨ ਲਈ 15 ਜੁਲਾਈ ਤੱਕ ਦਾ ਅਲਟੀਮੇਟਮ
ਪੇਅ-ਪੈਰਿਟੀ ਦੀ ਬਹਾਲੀ ਨਾ ਹੋਈ ਤਾਂ ਉਤਰਾਂਗੇ ਸੜਕਾਂ ਤੇ
ਰਾੜਾ ਸਾਹਿਬ, 10 ਜੁਲਾਈ (ਬਲਜੀਤ ਸਿੰਘ) ਵੈਟਰਨਰੀ ਅਫ਼ਸਰਾਂ ਦੀ ਜੁਆਇੰਟ ਐਕਸ਼ਨ ਕਮੇਟੀ ਨੇ ਪੰਜਾਬ ਸਰਕਾਰ ਨੂੰ ਆਪਣੀਆਂ ਮੰਗਾਂ ਲਾਗੂ ਕਰਨ ਲਈ 15 ਜੁਲਾਈ ਤੱਕ ਦਾ ਅਲਟੀਮੇਟਮ ਦਿੱਤਾ ਹੈ। ਕਮੇਟੀ ਦੇ ਆਗੂਆਂ ਨੇ ਦੱਸਿਆ ਕਿ ਵੈਟਰਨਰੀ ਅਫ਼ਸਰਾਂ ਦੀ ਪੇਅ-ਪੈਰਿਟੀ ਮੈਡੀਕਲ ਅਫ਼ਸਰਾਂ ਨਾਲੋਂ ਤੋੜ ਦਿੱਤੀ ਗਈ ਸੀ ਜਿਸ ਦੀ ਬਹਾਲੀ ਲਈ ਉਹ ਲੰਮੇ ਸਮੇਂ ਤੋਂ ਸੰਘਰਸ਼ ਕਰ ਰਹੇ ਹਨ। ਉਨ੍ਹਾਂ ਕਿਹਾ ਕਿ ਜੇਕਰ ਸਰਕਾਰ ਨੇ ਉਨ੍ਹਾਂ ਦੀ ਇਹ ਮੰਗ ਨਾ ਮੰਨੀ ਤਾਂ ਉਹ ਸੂਬਾ ਪੱਧਰੀ ਸੰਘਰਸ਼ ਸ਼ੁਰੂ ਕਰਨਗੇ ਅਤੇ ਸੜਕਾਂ 'ਤੇ ਉਤਰਨ ਲਈ ਮਜਬੂਰ ਹੋਣਗੇ। ਇਸ ਦੀ ਸਾਰੀ ਜ਼ਿੰਮੇਵਾਰੀ ਪੰਜਾਬ ਸਰਕਾਰ ਦੀ ਹੋਵੇਗੀ।
ਰਾੜਾ ਸਾਹਿਬ, 10 ਜੁਲਾਈ (ਬਲਜੀਤ ਸਿੰਘ) ਵੈਟਰਨਰੀ ਅਫ਼ਸਰਾਂ ਦੀ ਜੁਆਇੰਟ ਐਕਸ਼ਨ ਕਮੇਟੀ ਨੇ ਪੰਜਾਬ ਸਰਕਾਰ ਨੂੰ ਆਪਣੀਆਂ ਮੰਗਾਂ ਲਾਗੂ ਕਰਨ ਲਈ 15 ਜੁਲਾਈ ਤੱਕ ਦਾ ਅਲਟੀਮੇਟਮ ਦਿੱਤਾ ਹੈ। ਕਮੇਟੀ ਦੇ ਆਗੂਆਂ ਨੇ ਦੱਸਿਆ ਕਿ ਵੈਟਰਨਰੀ ਅਫ਼ਸਰਾਂ ਦੀ ਪੇਅ-ਪੈਰਿਟੀ ਮੈਡੀਕਲ ਅਫ਼ਸਰਾਂ ਨਾਲੋਂ ਤੋੜ ਦਿੱਤੀ ਗਈ ਸੀ ਜਿਸ ਦੀ ਬਹਾਲੀ ਲਈ ਉਹ ਲੰਮੇ ਸਮੇਂ ਤੋਂ ਸੰਘਰਸ਼ ਕਰ ਰਹੇ ਹਨ। ਉਨ੍ਹਾਂ ਕਿਹਾ ਕਿ ਜੇਕਰ ਸਰਕਾਰ ਨੇ ਉਨ੍ਹਾਂ ਦੀ ਇਹ ਮੰਗ ਨਾ ਮੰਨੀ ਤਾਂ ਉਹ ਸੂਬਾ ਪੱਧਰੀ ਸੰਘਰਸ਼ ਸ਼ੁਰੂ ਕਰਨਗੇ ਅਤੇ ਸੜਕਾਂ 'ਤੇ ਉਤਰਨ ਲਈ ਮਜਬੂਰ ਹੋਣਗੇ। ਇਸ ਦੀ ਸਾਰੀ ਜ਼ਿੰਮੇਵਾਰੀ ਪੰਜਾਬ ਸਰਕਾਰ ਦੀ ਹੋਵੇਗੀ।
ਰਾੜਾ ਸਾਹਿਬ, 10 ਜੁਲਾਈ (ਬਲਜੀਤ ਸਿੰਘ) ਵੈਟਰਨਰੀ ਅਫ਼ਸਰਾਂ ਦੀ ਜੁਆਇੰਟ ਐਕਸ਼ਨ ਕਮੇਟੀ ਨੇ ਪੰਜਾਬ ਸਰਕਾਰ ਨੂੰ ਆਪਣੀਆਂ ਮੰਗਾਂ ਲਾਗੂ ਕਰਨ ਲਈ 15 ਜੁਲਾਈ ਤੱਕ ਦਾ ਅਲਟੀਮੇਟਮ ਦਿੱਤਾ ਹੈ। ਕਮੇਟੀ ਦੇ ਆਗੂਆਂ ਨੇ ਦੱਸਿਆ ਕਿ ਵੈਟਰਨਰੀ ਅਫ਼ਸਰਾਂ ਦੀ ਪੇਅ-ਪੈਰਿਟੀ ਮੈਡੀਕਲ ਅਫ਼ਸਰਾਂ ਨਾਲੋਂ ਤੋੜ ਦਿੱਤੀ ਗਈ ਸੀ ਜਿਸ ਦੀ ਬਹਾਲੀ ਲਈ ਉਹ ਲੰਮੇ ਸਮੇਂ ਤੋਂ ਸੰਘਰਸ਼ ਕਰ ਰਹੇ ਹਨ। ਉਨ੍ਹਾਂ ਕਿਹਾ ਕਿ ਜੇਕਰ ਸਰਕਾਰ ਨੇ ਉਨ੍ਹਾਂ ਦੀ ਇਹ ਮੰਗ ਨਾ ਮੰਨੀ ਤਾਂ ਉਹ ਸੂਬਾ ਪੱਧਰੀ ਸੰਘਰਸ਼ ਸ਼ੁਰੂ ਕਰਨਗੇ ਅਤੇ ਸੜਕਾਂ 'ਤੇ ਉਤਰਨ ਲਈ ਮਜਬੂਰ ਹੋਣਗੇ। ਇਸ ਦੀ ਸਾਰੀ ਜ਼ਿੰਮੇਵਾਰੀ ਪੰਜਾਬ ਸਰਕਾਰ ਦੀ ਹੋਵੇਗੀ।
ਪਿੰਡ ਵਾਸੀਆਂ ਨੇ ਵਧੀਆ ਕਾਰਗੁਜ਼ਾਰੀ ਕਰਨ ਵਾਲੇ ਲੈਕਚਰਾਰ ਦੀ ਰੁਕਵਾਈ ਬਦਲੀ
ਕੋਟਕਪੂਰਾ, 10 ਜੁਲਾਈ (ਸੁਖਚੈਨ ਸਿੰਘ ਜੀਵਨਵਾਲਾ) ਪਿੰਡ ਜੀਵਨਵਾਲਾ ਦੇ ਸਰਕਾਰੀ ਸੀਨੀਅਰ ਸੈਕੰਡਰੀ ਸਕੂਲ ਵਿਚ ਤਾਇਨਾਤ ਲੈਕਚਰਾਰ ਦੀ ਬਦਲੀ ਦਾ ਪਿੰਡ ਵਾਸੀਆਂ ਨੇ ਵਿਰੋਧ ਕੀਤਾ ਅਤੇ ਉਸ ਨੂੰ ਰੁਕਵਾ ਦਿੱਤਾ। ਪਿੰਡ ਵਾਸੀਆਂ ਨੇ ਦੱਸਿਆ ਕਿ ਉਕਤ ਲੈਕਚਰਾਰ ਨੇ ਆਪਣੀ ਮਿਹਨਤ ਸਦਕਾ ਸਕੂਲ ਦੇ ਨਤੀਜੇ ਸ਼ਾਨਦਾਰ ਬਣਾਏ ਹਨ ਅਤੇ ਵਿਦਿਆਰਥੀਆਂ ਨੂੰ ਸਹੀ ਸੇਧ ਦਿੱਤੀ ਹੈ। ਸਕੂਲ ਮੈਨੇਜਮੈਂਟ ਕਮੇਟੀ ਅਤੇ ਪੰਚਾਇਤ ਨੇ ਸਿੱਖਿਆ ਵਿਭਾਗ ਦੇ ਅਧਿਕਾਰੀਆਂ ਨਾਲ ਮੁਲਾਕਾਤ ਕਰਕੇ ਬਦਲੀ ਰੱਦ ਕਰਵਾਈ। ਪਿੰਡ ਵਾਸੀਆਂ ਨੇ ਕਿਹਾ ਕਿ ਅਜਿਹੇ ਮਿਹਨਤੀ ਅਧਿਆਪਕਾਂ ਦੀ ਹਰ ਸਕੂਲ ਨੂੰ ਲੋੜ ਹੈ।
ਕੋਟਕਪੂਰਾ, 10 ਜੁਲਾਈ (ਸੁਖਚੈਨ ਸਿੰਘ ਜੀਵਨਵਾਲਾ) ਪਿੰਡ ਜੀਵਨਵਾਲਾ ਦੇ ਸਰਕਾਰੀ ਸੀਨੀਅਰ ਸੈਕੰਡਰੀ ਸਕੂਲ ਵਿਚ ਤਾਇਨਾਤ ਲੈਕਚਰਾਰ ਦੀ ਬਦਲੀ ਦਾ ਪਿੰਡ ਵਾਸੀਆਂ ਨੇ ਵਿਰੋਧ ਕੀਤਾ ਅਤੇ ਉਸ ਨੂੰ ਰੁਕਵਾ ਦਿੱਤਾ। ਪਿੰਡ ਵਾਸੀਆਂ ਨੇ ਦੱਸਿਆ ਕਿ ਉਕਤ ਲੈਕਚਰਾਰ ਨੇ ਆਪਣੀ ਮਿਹਨਤ ਸਦਕਾ ਸਕੂਲ ਦੇ ਨਤੀਜੇ ਸ਼ਾਨਦਾਰ ਬਣਾਏ ਹਨ ਅਤੇ ਵਿਦਿਆਰਥੀਆਂ ਨੂੰ ਸਹੀ ਸੇਧ ਦਿੱਤੀ ਹੈ। ਸਕੂਲ ਮੈਨੇਜਮੈਂਟ ਕਮੇਟੀ ਅਤੇ ਪੰਚਾਇਤ ਨੇ ਸਿੱਖਿਆ ਵਿਭਾਗ ਦੇ ਅਧਿਕਾਰੀਆਂ ਨਾਲ ਮੁਲਾਕਾਤ ਕਰਕੇ ਬਦਲੀ ਰੱਦ ਕਰਵਾਈ। ਪਿੰਡ ਵਾਸੀਆਂ ਨੇ ਕਿਹਾ ਕਿ ਅਜਿਹੇ ਮਿਹਨਤੀ ਅਧਿਆਪਕਾਂ ਦੀ ਹਰ ਸਕੂਲ ਨੂੰ ਲੋੜ ਹੈ।
ਕੋਟਕਪੂਰਾ, 10 ਜੁਲਾਈ (ਸੁਖਚੈਨ ਸਿੰਘ ਜੀਵਨਵਾਲਾ) ਪਿੰਡ ਜੀਵਨਵਾਲਾ ਦੇ ਸਰਕਾਰੀ ਸੀਨੀਅਰ ਸੈਕੰਡਰੀ ਸਕੂਲ ਵਿਚ ਤਾਇਨਾਤ ਲੈਕਚਰਾਰ ਦੀ ਬਦਲੀ ਦਾ ਪਿੰਡ ਵਾਸੀਆਂ ਨੇ ਵਿਰੋਧ ਕੀਤਾ ਅਤੇ ਉਸ ਨੂੰ ਰੁਕਵਾ ਦਿੱਤਾ। ਪਿੰਡ ਵਾਸੀਆਂ ਨੇ ਦੱਸਿਆ ਕਿ ਉਕਤ ਲੈਕਚਰਾਰ ਨੇ ਆਪਣੀ ਮਿਹਨਤ ਸਦਕਾ ਸਕੂਲ ਦੇ ਨਤੀਜੇ ਸ਼ਾਨਦਾਰ ਬਣਾਏ ਹਨ ਅਤੇ ਵਿਦਿਆਰਥੀਆਂ ਨੂੰ ਸਹੀ ਸੇਧ ਦਿੱਤੀ ਹੈ। ਸਕੂਲ ਮੈਨੇਜਮੈਂਟ ਕਮੇਟੀ ਅਤੇ ਪੰਚਾਇਤ ਨੇ ਸਿੱਖਿਆ ਵਿਭਾਗ ਦੇ ਅਧਿਕਾਰੀਆਂ ਨਾਲ ਮੁਲਾਕਾਤ ਕਰਕੇ ਬਦਲੀ ਰੱਦ ਕਰਵਾਈ। ਪਿੰਡ ਵਾਸੀਆਂ ਨੇ ਕਿਹਾ ਕਿ ਅਜਿਹੇ ਮਿਹਨਤੀ ਅਧਿਆਪਕਾਂ ਦੀ ਹਰ ਸਕੂਲ ਨੂੰ ਲੋੜ ਹੈ।
